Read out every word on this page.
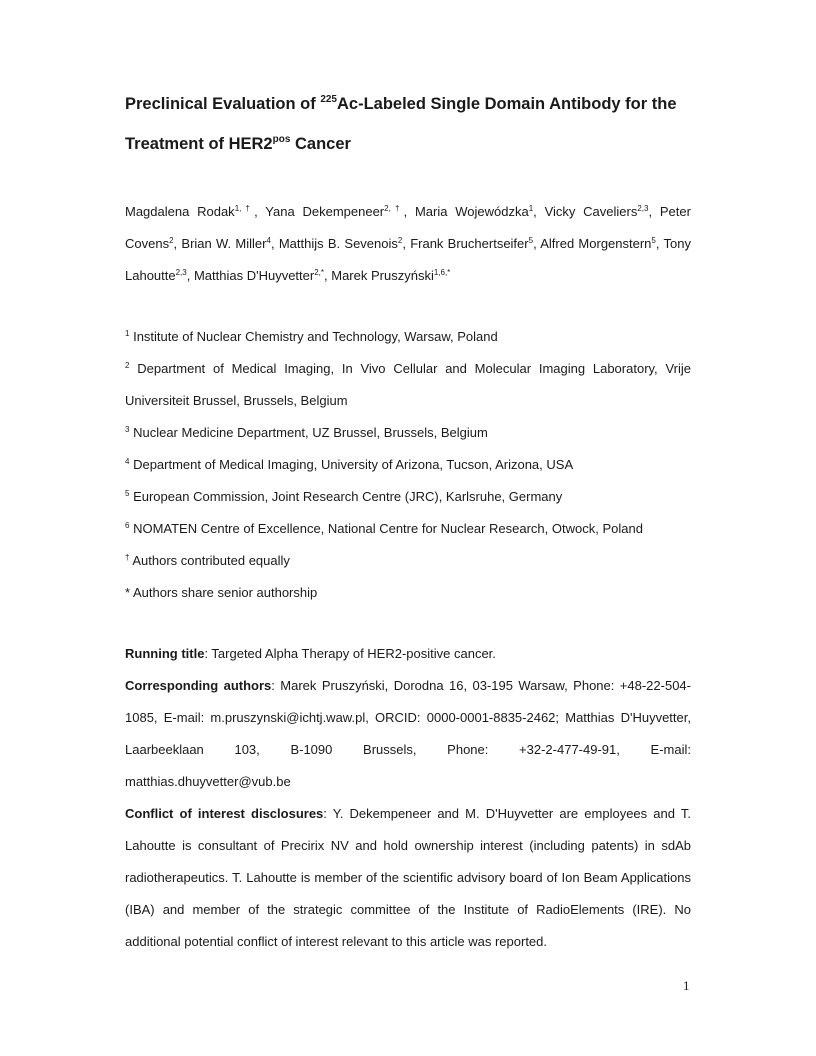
Preclinical Evaluation of $^{225}$Ac-Labeled Single Domain Antibody for the Treatment of $HER2^{pos}$ Cancer

Magdalena Rodak$^{1,\dagger}$, Yana Dekempeneer$^{2,\dagger}$, Maria Wojewódzka$^1$, Vicky Caveliers$^{2,3}$, Peter Covens$^2$, Brian W. Miller$^4$, Matthijs B. Sevenois$^2$, Frank Bruchertseifer$^5$, Alfred Morgenstern$^5$, Tony Lahoutte$^{2,3}$, Matthias D'Huyvetter$^{2,*}$, Marek Pruszyński$^{1,6,*}$

$^1$ Institute of Nuclear Chemistry and Technology, Warsaw, Poland

$^2$ Department of Medical Imaging, In Vivo Cellular and Molecular Imaging Laboratory, Vrije Universiteit Brussel, Brussels, Belgium

$^3$ Nuclear Medicine Department, UZ Brussel, Brussels, Belgium

$^4$ Department of Medical Imaging, University of Arizona, Tucson, Arizona, USA

$^5$ European Commission, Joint Research Centre (JRC), Karlsruhe, Germany

$^6$ NOMATEN Centre of Excellence, National Centre for Nuclear Research, Otwock, Poland

† Authors contributed equally

* Authors share senior authorship

Running title: Targeted Alpha Therapy of HER2-positive cancer.

Corresponding authors: Marek Pruszyński, Dorodna 16, 03-195 Warsaw, Phone: +48-22-504-1085, E-mail: m.pruszynski@ichtj.waw.pl, ORCID: 0000-0001-8835-2462; Matthias D'Huyvetter, Laarbeeklaan 103, B-1090 Brussels, Phone: +32-2-477-49-91, E-mail: matthias.dhuyvetter@vub.be

Conflict of interest disclosures: Y. Dekempeneer and M. D'Huyvetter are employees and T. Lahoutte is consultant of Precirix NV and hold ownership interest (including patents) in sdAb radiotherapeutics. T. Lahoutte is member of the scientific advisory board of Ion Beam Applications (IBA) and member of the strategic committee of the Institute of RadioElements (IRE). No additional potential conflict of interest relevant to this article was reported.

1
